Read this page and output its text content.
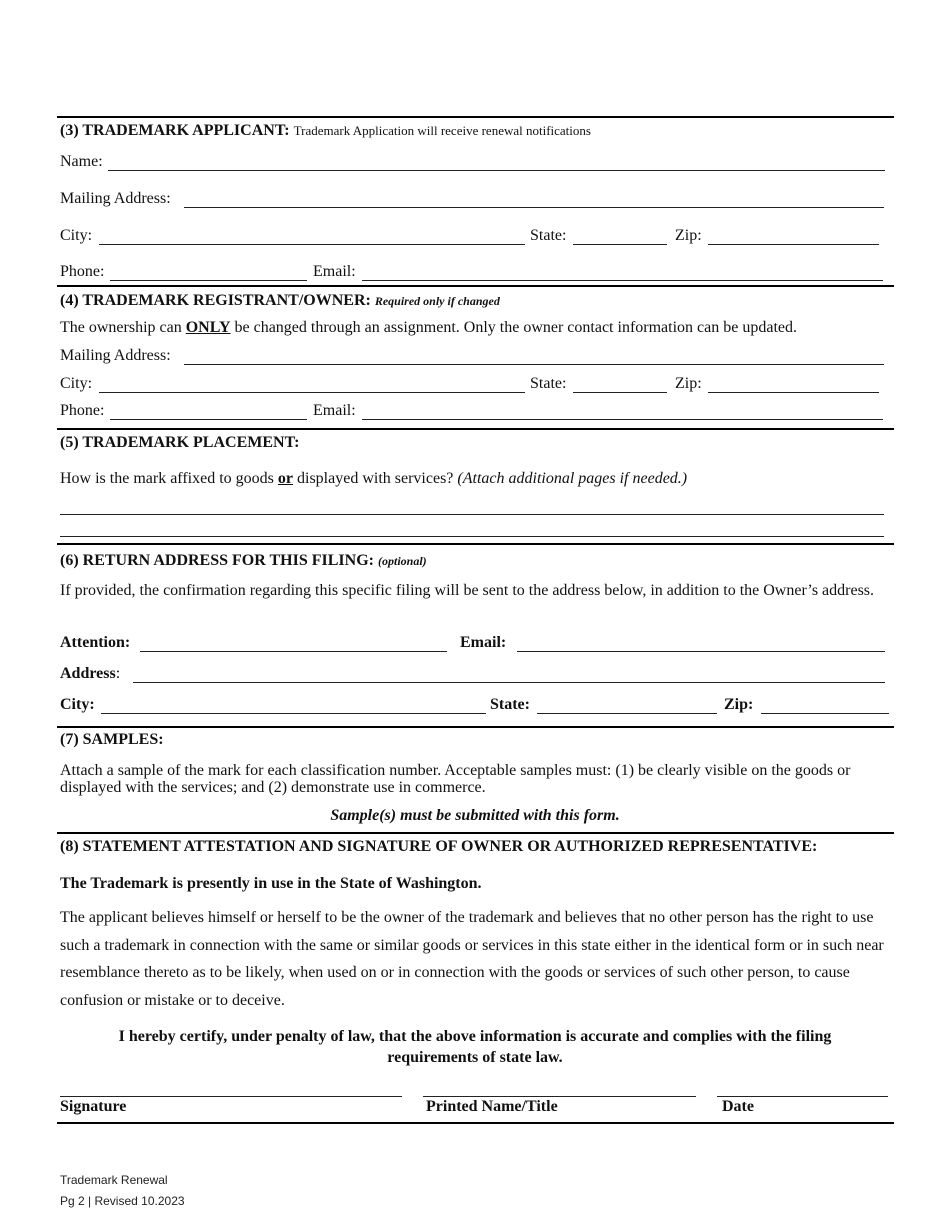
(3) TRADEMARK APPLICANT: Trademark Application will receive renewal notifications
Name:
Mailing Address:
City:	State:	Zip:
Phone:	Email:
(4) TRADEMARK REGISTRANT/OWNER: Required only if changed
The ownership can ONLY be changed through an assignment. Only the owner contact information can be updated.
Mailing Address:
City:	State:	Zip:
Phone:	Email:
(5) TRADEMARK PLACEMENT:
How is the mark affixed to goods or displayed with services? (Attach additional pages if needed.)
(6) RETURN ADDRESS FOR THIS FILING: (optional)
If provided, the confirmation regarding this specific filing will be sent to the address below, in addition to the Owner’s address.
Attention:	Email:
Address:
City:	State:	Zip:
(7) SAMPLES:
Attach a sample of the mark for each classification number. Acceptable samples must: (1) be clearly visible on the goods or displayed with the services; and (2) demonstrate use in commerce.
Sample(s) must be submitted with this form.
(8) STATEMENT ATTESTATION AND SIGNATURE OF OWNER OR AUTHORIZED REPRESENTATIVE:
The Trademark is presently in use in the State of Washington.
The applicant believes himself or herself to be the owner of the trademark and believes that no other person has the right to use such a trademark in connection with the same or similar goods or services in this state either in the identical form or in such near resemblance thereto as to be likely, when used on or in connection with the goods or services of such other person, to cause confusion or mistake or to deceive.
I hereby certify, under penalty of law, that the above information is accurate and complies with the filing requirements of state law.
Signature	Printed Name/Title	Date
Trademark Renewal
Pg 2 | Revised 10.2023
